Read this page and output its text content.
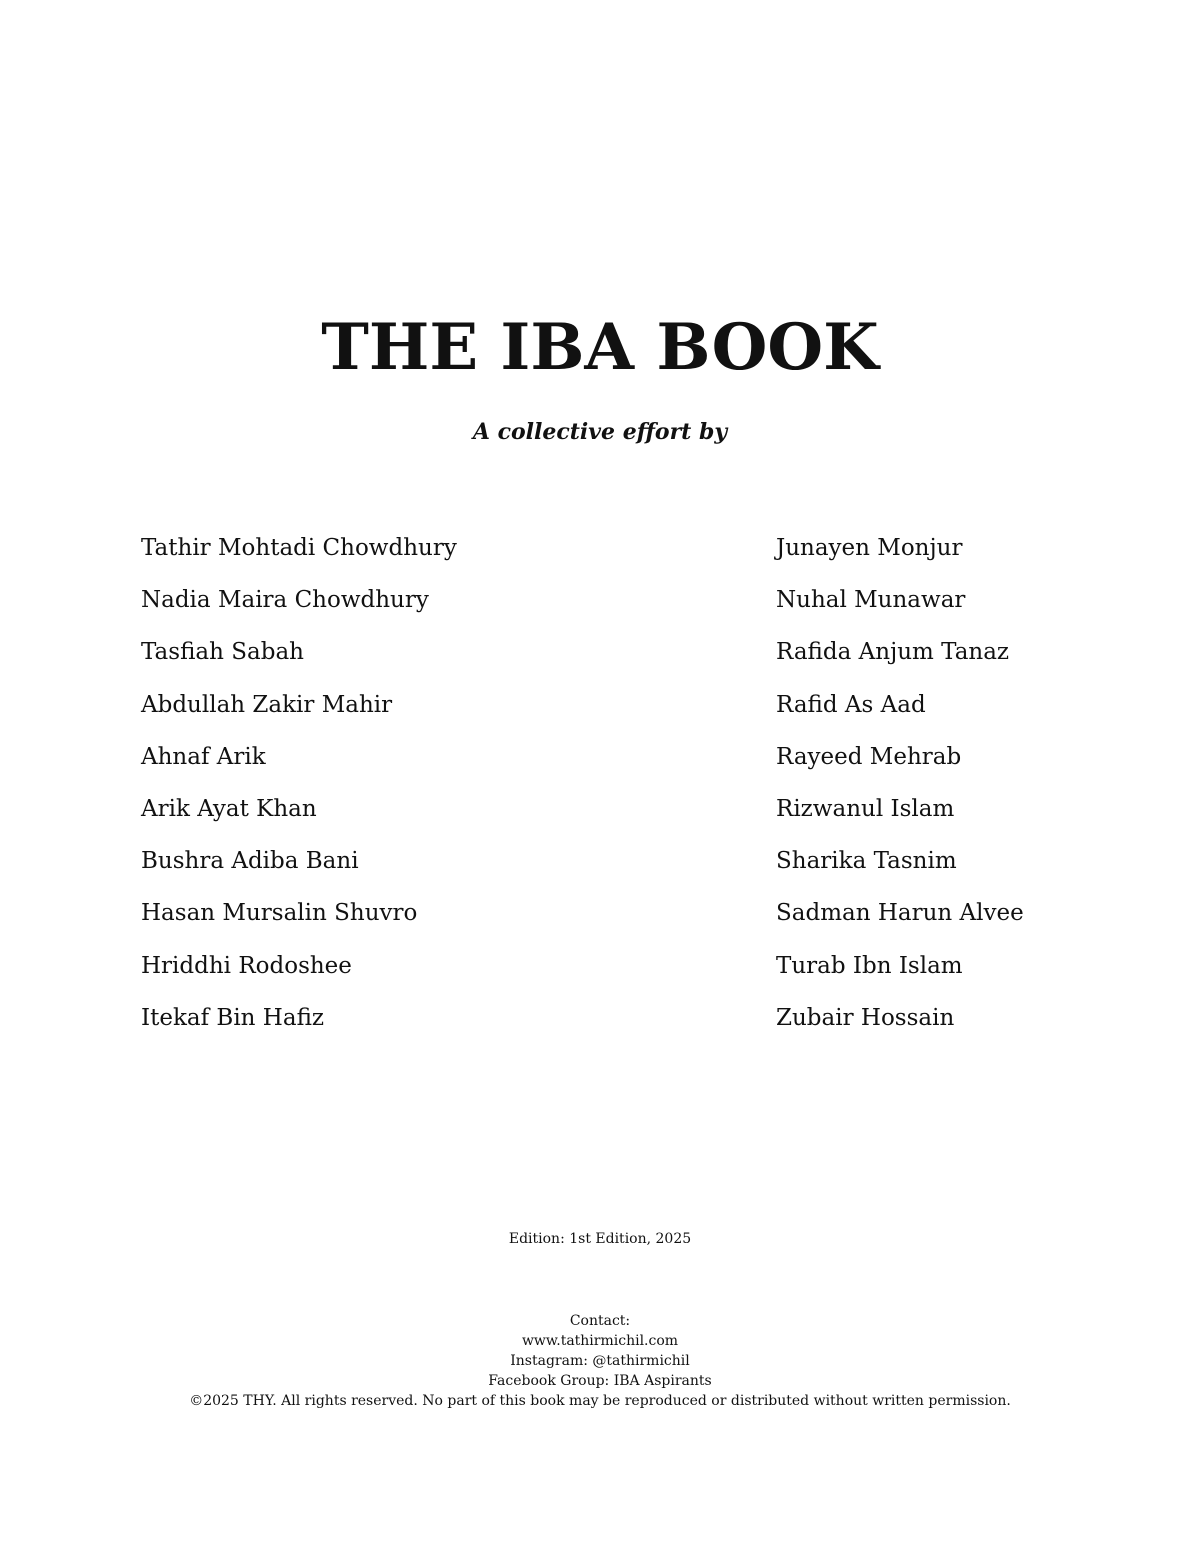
THE IBA BOOK

A collective effort by

Tathir Mohtadi Chowdhury
Nadia Maira Chowdhury
Tasfiah Sabah
Abdullah Zakir Mahir
Ahnaf Arik
Arik Ayat Khan
Bushra Adiba Bani
Hasan Mursalin Shuvro
Hriddhi Rodoshee
Itekaf Bin Hafiz
Junayen Monjur
Nuhal Munawar
Rafida Anjum Tanaz
Rafid As Aad
Rayeed Mehrab
Rizwanul Islam
Sharika Tasnim
Sadman Harun Alvee
Turab Ibn Islam
Zubair Hossain
Edition: 1st Edition, 2025
Contact:
www.tathirmichil.com
Instagram: @tathirmichil
Facebook Group: IBA Aspirants
©2025 THY. All rights reserved. No part of this book may be reproduced or distributed without written permission.
